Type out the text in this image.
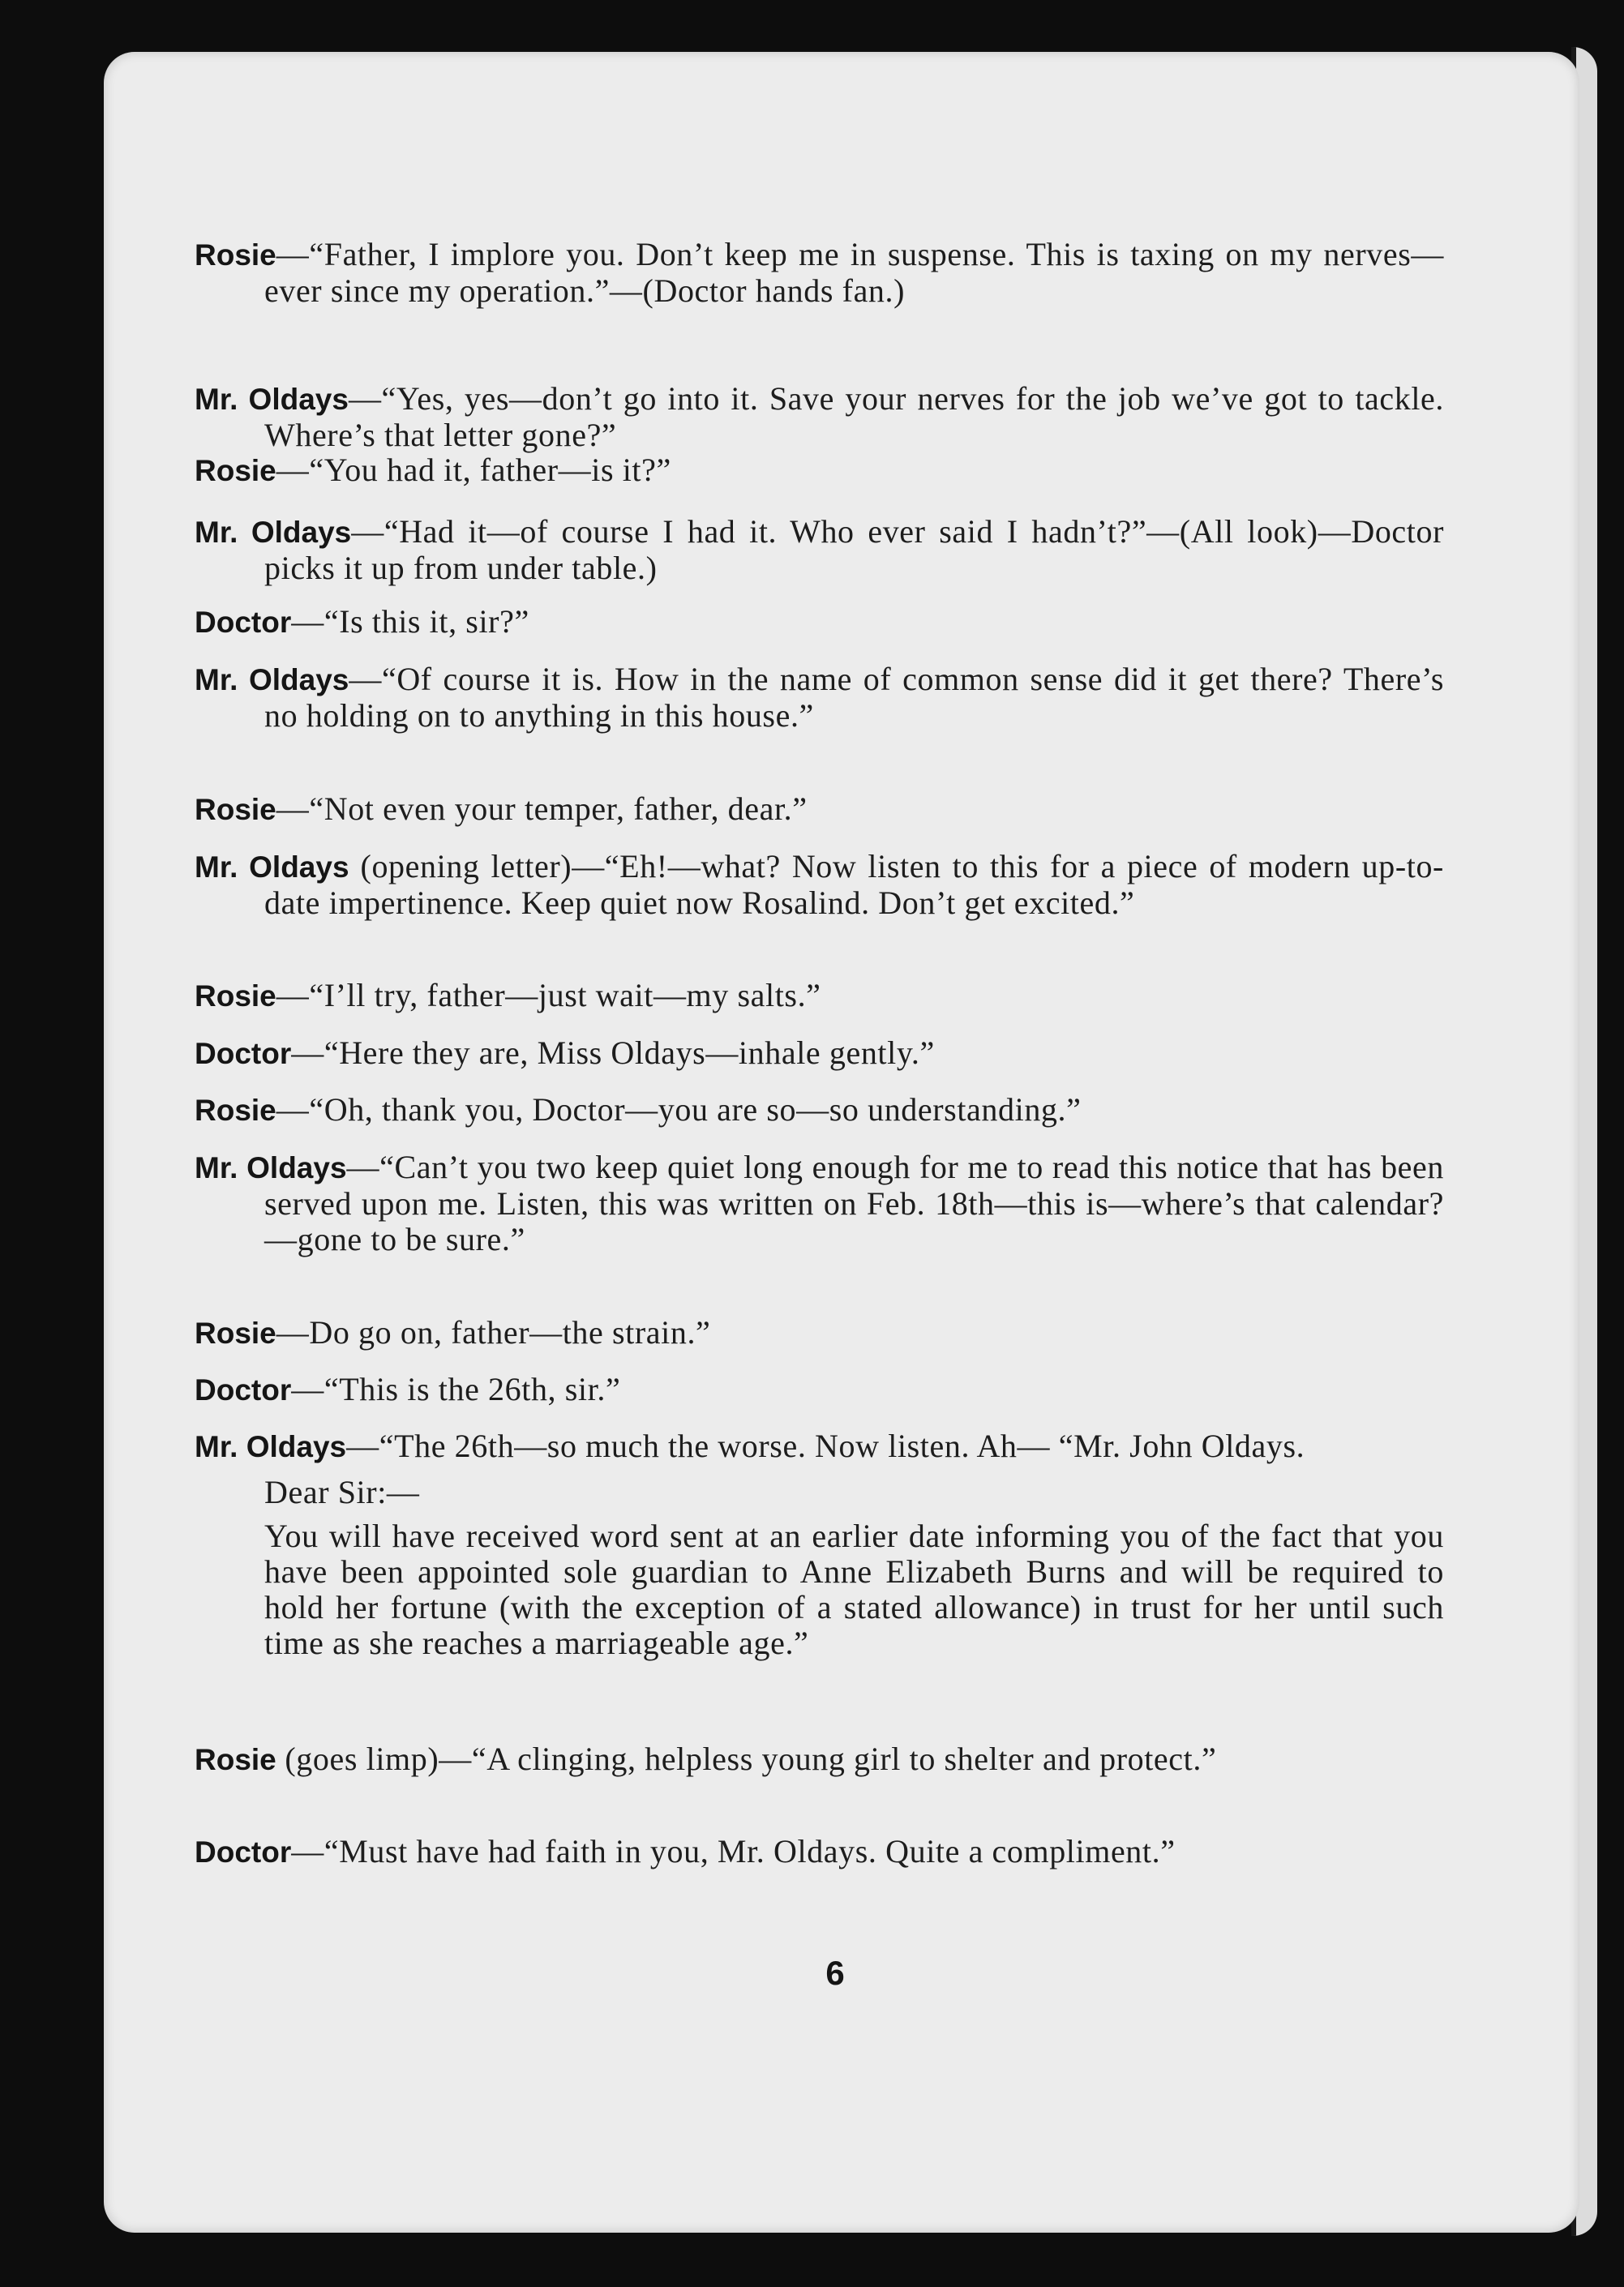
Rosie—“Father, I implore you. Don’t keep me in suspense. This is taxing on my nerves—ever since my operation.”—(Doctor hands fan.)

Mr. Oldays—“Yes, yes—don’t go into it. Save your nerves for the job we’ve got to tackle. Where’s that letter gone?”

Rosie—“You had it, father—is it?”

Mr. Oldays—“Had it—of course I had it. Who ever said I hadn’t?”—(All look)—Doctor picks it up from under table.)

Doctor—“Is this it, sir?”

Mr. Oldays—“Of course it is. How in the name of common sense did it get there? There’s no holding on to anything in this house.”

Rosie—“Not even your temper, father, dear.”

Mr. Oldays (opening letter)—“Eh!—what? Now listen to this for a piece of modern up-to-date impertinence. Keep quiet now Rosalind. Don’t get excited.”

Rosie—“I’ll try, father—just wait—my salts.”

Doctor—“Here they are, Miss Oldays—inhale gently.”

Rosie—“Oh, thank you, Doctor—you are so—so understanding.”

Mr. Oldays—“Can’t you two keep quiet long enough for me to read this notice that has been served upon me. Listen, this was written on Feb. 18th—this is—where’s that calendar? —gone to be sure.”

Rosie—Do go on, father—the strain.”

Doctor—“This is the 26th, sir.”

Mr. Oldays—“The 26th—so much the worse. Now listen. Ah— “Mr. John Oldays.
Dear Sir:—
You will have received word sent at an earlier date informing you of the fact that you have been appointed sole guardian to Anne Elizabeth Burns and will be required to hold her fortune (with the exception of a stated allowance) in trust for her until such time as she reaches a marriageable age.”

Rosie (goes limp)—“A clinging, helpless young girl to shelter and protect.”

Doctor—“Must have had faith in you, Mr. Oldays. Quite a compliment.”

6
